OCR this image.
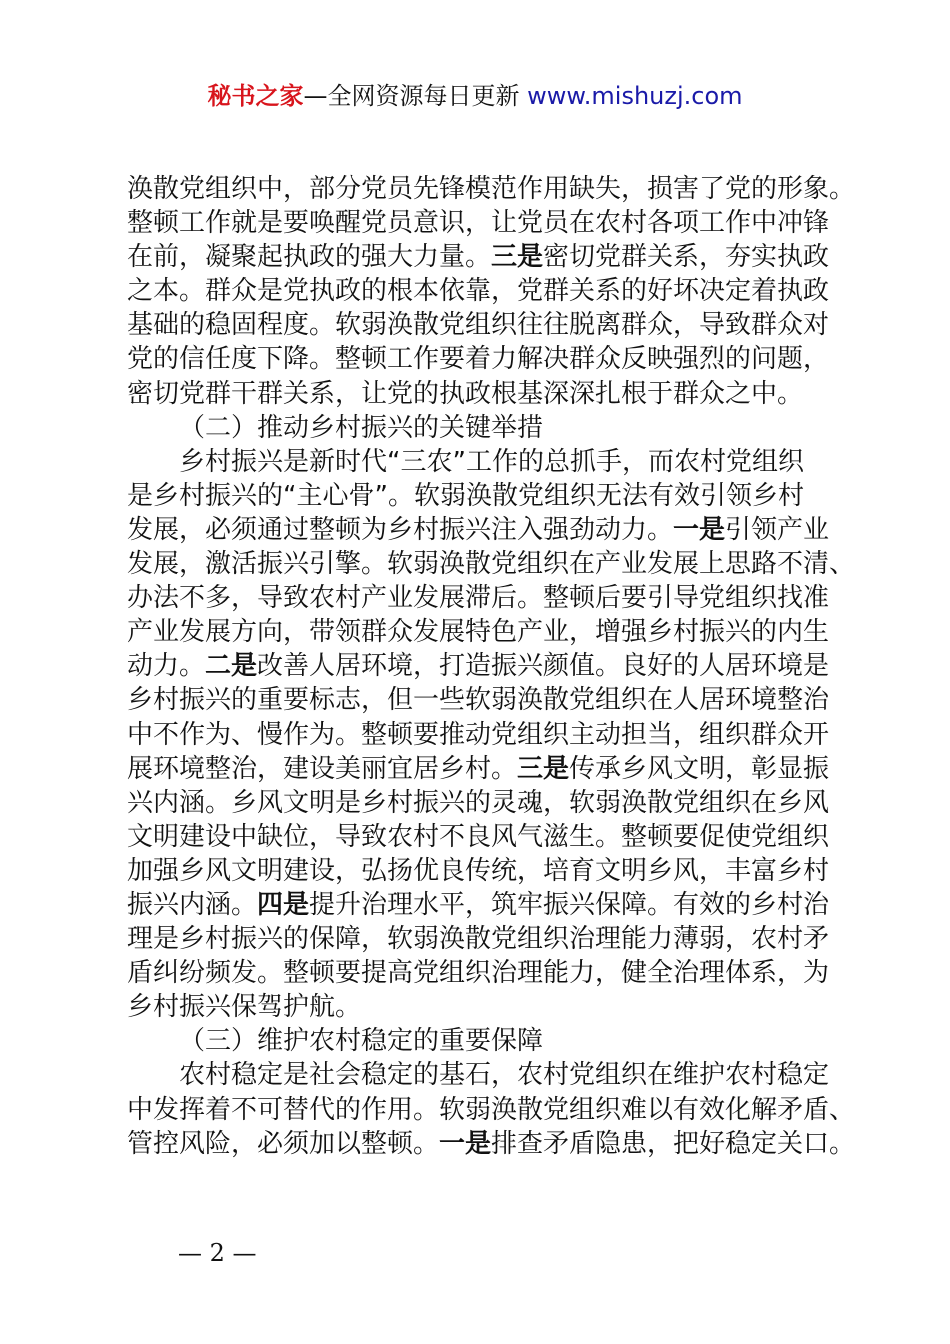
秘书之家—全网资源每日更新 www.mishuzj.com
涣散党组织中，部分党员先锋模范作用缺失，损害了党的形象。
整顿工作就是要唤醒党员意识，让党员在农村各项工作中冲锋
在前，凝聚起执政的强大力量。三是密切党群关系，夯实执政
之本。群众是党执政的根本依靠，党群关系的好坏决定着执政
基础的稳固程度。软弱涣散党组织往往脱离群众，导致群众对
党的信任度下降。整顿工作要着力解决群众反映强烈的问题，
密切党群干群关系，让党的执政根基深深扎根于群众之中。
（二）推动乡村振兴的关键举措
乡村振兴是新时代“三农”工作的总抓手，而农村党组织
是乡村振兴的“主心骨”。软弱涣散党组织无法有效引领乡村
发展，必须通过整顿为乡村振兴注入强劲动力。一是引领产业
发展，激活振兴引擎。软弱涣散党组织在产业发展上思路不清、
办法不多，导致农村产业发展滞后。整顿后要引导党组织找准
产业发展方向，带领群众发展特色产业，增强乡村振兴的内生
动力。二是改善人居环境，打造振兴颜值。良好的人居环境是
乡村振兴的重要标志，但一些软弱涣散党组织在人居环境整治
中不作为、慢作为。整顿要推动党组织主动担当，组织群众开
展环境整治，建设美丽宜居乡村。三是传承乡风文明，彰显振
兴内涵。乡风文明是乡村振兴的灵魂，软弱涣散党组织在乡风
文明建设中缺位，导致农村不良风气滋生。整顿要促使党组织
加强乡风文明建设，弘扬优良传统，培育文明乡风，丰富乡村
振兴内涵。四是提升治理水平，筑牢振兴保障。有效的乡村治
理是乡村振兴的保障，软弱涣散党组织治理能力薄弱，农村矛
盾纠纷频发。整顿要提高党组织治理能力，健全治理体系，为
乡村振兴保驾护航。
（三）维护农村稳定的重要保障
农村稳定是社会稳定的基石，农村党组织在维护农村稳定
中发挥着不可替代的作用。软弱涣散党组织难以有效化解矛盾、
管控风险，必须加以整顿。一是排查矛盾隐患，把好稳定关口。
— 2 —
